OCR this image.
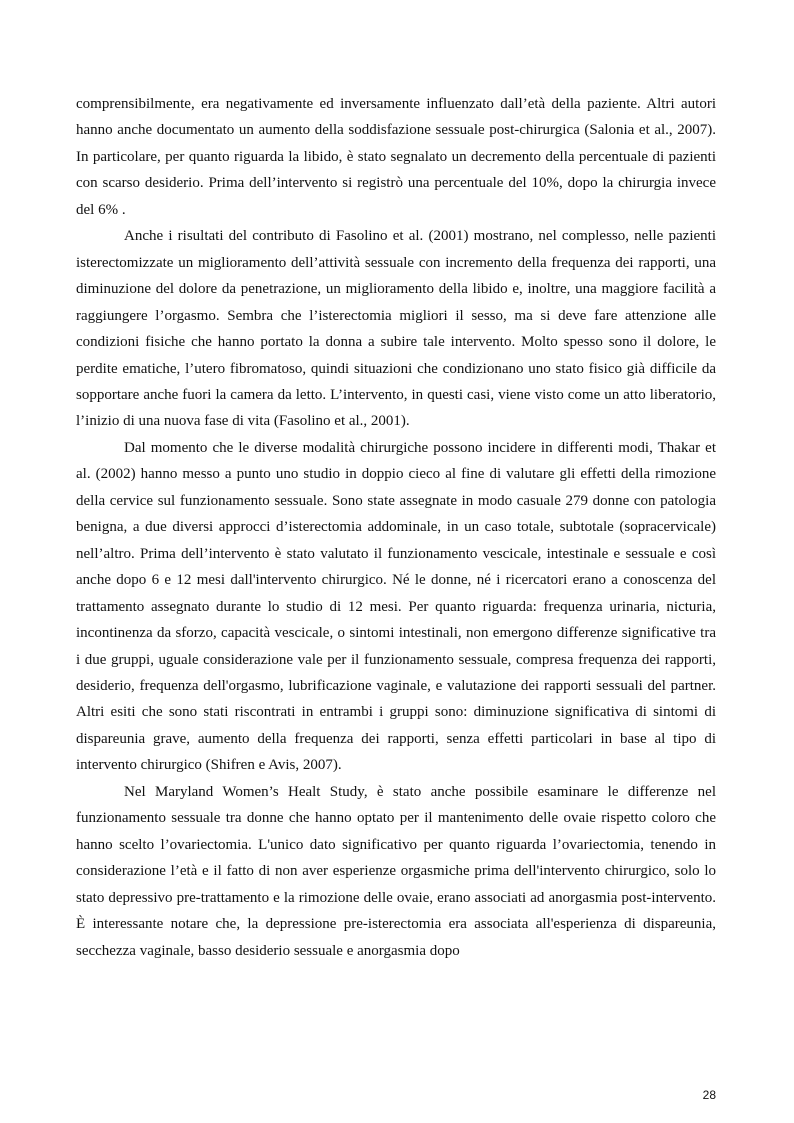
comprensibilmente, era negativamente ed inversamente influenzato dall’età della paziente. Altri autori hanno anche documentato un aumento della soddisfazione sessuale post-chirurgica (Salonia et al., 2007). In particolare, per quanto riguarda la libido, è stato segnalato un decremento della percentuale di pazienti con scarso desiderio. Prima dell’intervento si registrò una percentuale del 10%, dopo la chirurgia invece del 6% .

Anche i risultati del contributo di Fasolino et al. (2001) mostrano, nel complesso, nelle pazienti isterectomizzate un miglioramento dell’attività sessuale con incremento della frequenza dei rapporti, una diminuzione del dolore da penetrazione, un miglioramento della libido e, inoltre, una maggiore facilità a raggiungere l’orgasmo. Sembra che l’isterectomia migliori il sesso, ma si deve fare attenzione alle condizioni fisiche che hanno portato la donna a subire tale intervento. Molto spesso sono il dolore, le perdite ematiche, l’utero fibromatoso, quindi situazioni che condizionano uno stato fisico già difficile da sopportare anche fuori la camera da letto. L’intervento, in questi casi, viene visto come un atto liberatorio, l’inizio di una nuova fase di vita (Fasolino et al., 2001).

Dal momento che le diverse modalità chirurgiche possono incidere in differenti modi, Thakar et al. (2002) hanno messo a punto uno studio in doppio cieco al fine di valutare gli effetti della rimozione della cervice sul funzionamento sessuale. Sono state assegnate in modo casuale 279 donne con patologia benigna, a due diversi approcci d’isterectomia addominale, in un caso totale, subtotale (sopracervicale) nell’altro. Prima dell’intervento è stato valutato il funzionamento vescicale, intestinale e sessuale e così anche dopo 6 e 12 mesi dall'intervento chirurgico. Né le donne, né i ricercatori erano a conoscenza del trattamento assegnato durante lo studio di 12 mesi. Per quanto riguarda: frequenza urinaria, nicturia, incontinenza da sforzo, capacità vescicale, o sintomi intestinali, non emergono differenze significative tra i due gruppi, uguale considerazione vale per il funzionamento sessuale, compresa frequenza dei rapporti, desiderio, frequenza dell'orgasmo, lubrificazione vaginale, e valutazione dei rapporti sessuali del partner. Altri esiti che sono stati riscontrati in entrambi i gruppi sono: diminuzione significativa di sintomi di dispareunia grave, aumento della frequenza dei rapporti, senza effetti particolari in base al tipo di intervento chirurgico (Shifren e Avis, 2007).

Nel Maryland Women’s Healt Study, è stato anche possibile esaminare le differenze nel funzionamento sessuale tra donne che hanno optato per il mantenimento delle ovaie rispetto coloro che hanno scelto l’ovariectomia. L'unico dato significativo per quanto riguarda l’ovariectomia, tenendo in considerazione l’età e il fatto di non aver esperienze orgasmiche prima dell'intervento chirurgico, solo lo stato depressivo pre-trattamento e la rimozione delle ovaie, erano associati ad anorgasmia post-intervento. È interessante notare che, la depressione pre-isterectomia era associata all'esperienza di dispareunia, secchezza vaginale, basso desiderio sessuale e anorgasmia dopo

28
